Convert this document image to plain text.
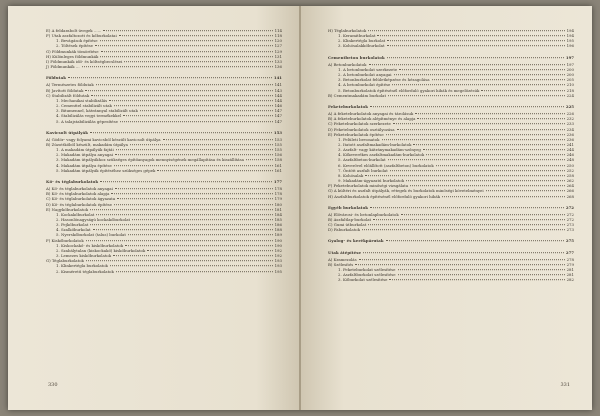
E) A feldarabolt üvegek ......	114
F) Utak aszfaltozott és kőburkolatai	118
1. Bevágások építése	120
2. Töltések építése	127
G) Földmunkák tömörítése	129
H) Különleges földmunkák	131
I) Földmunkák idő- és költségbecslései	133
J) Földmunkák ...	136
Földutak	141
A) Természetes földutak	141
B) Javított földutak	143
C) Stabilizált földutak	144
1. Mechanikai stabilizálás	144
2. Cementtel stabilizált utak	146
3. Bitumennel, kátránnyal stabilizált utak	147
4. Stabilizálás vegyi termékekkel	147
5. A talajstabilizálás gépesítése	147
Kavicsolt útpályák	153
A) Gödör- vagy folyami kavicsból készült kavicsolt útpálya	153
B) Zúzottkőből készült, makadám útpálya	155
1. A makadám útpályák fajtái	155
2. Makadám útpálya anyagai	156
3. Makadám útpályákhoz szükséges építőanyagok mennyiségének megállapítása és kiszállítása	158
4. Makadám útpálya építése	161
5. Makadám útpályák építéséhez szükséges gépek	161
Kő- és téglaburkolatok	177
A) Kő- és téglaburkolatok anyagai	178
B) Kő- és téglaburkolatok alapja	178
C) Kő- és téglaburkolatok ágyazata	179
D) Kő- és téglaburkolatok építése	180
E) Nagykőburkolatok	181
1. Kockakőburkolat	184
2. Hasonlónagyságú kockakőburkolat	185
3. Fejkőburkolat	186
4. Szalkőburkolat	188
5. Nyerskőburkolat (talus) burkolat	189
F) Kiskőburkolatok	190
1. Kiskockakő- és kiskőburkolatok	190
2. Szabálytalan (kiskockakő) kiskőburkolatok	192
3. Lemezes kiskőburkolatok	192
G) Téglaburkolatok	193
1. Klinkertégla burkolatok	193
2. Kisméretű téglaburkolatok	195
330
H) Téglaburkolatok	194
1. Keramitburkolat	194
2. Klinkertégla burkolat	195
3. Kohósalakkőburkolat	196
Cementbeton burkolatok	197
A) Betonburkolatok	197
1. A betonburkolat szerkezete	200
2. A betonburkolat anyagai	200
3. Betonburkolat felületképzése és hézagolása	205
4. A betonburkolat építése	210
5. Betonburkolatok építésénél előforduló gyakori hibák és megelőzésük	218
B) Cementmakadám burkolat	224
Feketeburkolatok	225
A) A feketeburkolatok anyagai és tárolásuk	226
B) A feketeburkolatok alépítménye és alapja	232
C) Feketeburkolatok szerkezete	233
D) Feketeburkolatok osztályozása	234
E) Feketeburkolatok építése	236
1. Felületi bevonatok	236
2. Itatott aszfaltmakadám-burkolatok	241
3. Aszfalt- vagy kátránymakadám-szőnyeg	244
4. Kőkeverékes aszfaltmakadám-burkolatok	246
5. Aszfaltbeton-burkolat	248
6. Keverővel előállított (aszfaltbeton) burkolatok	250
7. Öntött aszfalt burkolat	252
8. Kohósalak	258
9. Makadám-ágyazatú burkolatok	262
F) Feketeburkolatok minőségi vizsgálata	264
G) A kültéri és aszfalt útpályák, rétegek és burkolatok minőségi követelményei	266
H) Aszfaltburkolatok építésénél előforduló gyakori hibák	268
Egyéb burkolatok	272
A) Elővárosi- és betonlapburkolatok	272
B) Aszfaltlap-burkolat	272
C) Gumi útburkolat	273
D) Faburkolatok	273
Gyalog- és kerékpárutak	275
Utak átépítése	277
A) Kramezolás	278
B) Szélesítés	279
1. Feketeburkolat szélesítése	281
2. Aszfaltburkolat szélesítése	281
3. Kőburkolat szélesítése	282
331
